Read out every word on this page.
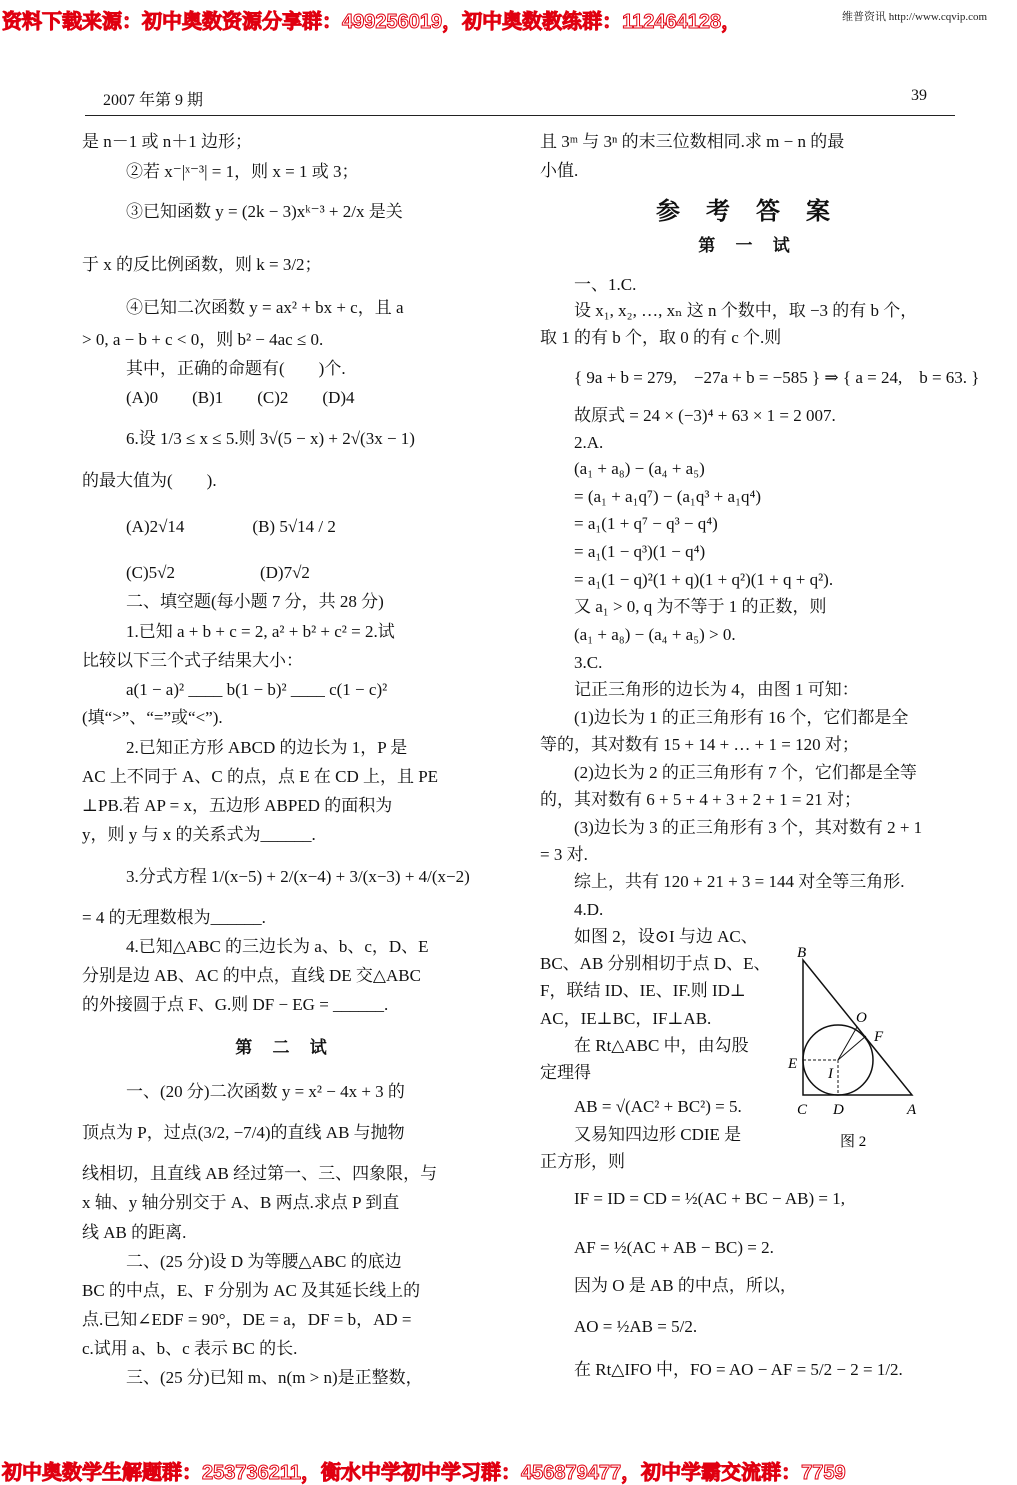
资料下载来源：初中奥数资源分享群：499256019，初中奥数教练群：112464128，	维普资讯 http://www.cqvip.com
2007 年第 9 期	39
是 n－1 或 n＋1 边形；
②若 x⁻|ˣ⁻³| = 1，则 x = 1 或 3；
③已知函数 y = (2k − 3)xᵏ⁻³ + 2/x 是关
于 x 的反比例函数，则 k = 3/2；
④已知二次函数 y = ax² + bx + c，且 a
> 0, a − b + c < 0，则 b² − 4ac ≤ 0.
其中，正确的命题有(　　)个.
(A)0　　(B)1　　(C)2　　(D)4
6.设 1/3 ≤ x ≤ 5.则 3√(5 − x) + 2√(3x − 1)
的最大值为(　　).
(A)2√14　　　　(B) 5√14 / 2
(C)5√2　　　　　(D)7√2
二、填空题(每小题 7 分，共 28 分)
1.已知 a + b + c = 2, a² + b² + c² = 2.试
比较以下三个式子结果大小：
a(1 − a)² ____ b(1 − b)² ____ c(1 − c)²
(填“>”、“=”或“<”).
2.已知正方形 ABCD 的边长为 1，P 是
AC 上不同于 A、C 的点，点 E 在 CD 上，且 PE
⊥PB.若 AP = x，五边形 ABPED 的面积为
y，则 y 与 x 的关系式为______.
3.分式方程 1/(x−5) + 2/(x−4) + 3/(x−3) + 4/(x−2)
= 4 的无理数根为______.
4.已知△ABC 的三边长为 a、b、c，D、E
分别是边 AB、AC 的中点，直线 DE 交△ABC
的外接圆于点 F、G.则 DF − EG = ______.
第 二 试
一、(20 分)二次函数 y = x² − 4x + 3 的
顶点为 P，过点(3/2, −7/4)的直线 AB 与抛物
线相切，且直线 AB 经过第一、三、四象限，与
x 轴、y 轴分别交于 A、B 两点.求点 P 到直
线 AB 的距离.
二、(25 分)设 D 为等腰△ABC 的底边
BC 的中点，E、F 分别为 AC 及其延长线上的
点.已知∠EDF = 90°，DE = a，DF = b，AD =
c.试用 a、b、c 表示 BC 的长.
三、(25 分)已知 m、n(m > n)是正整数，
且 3ᵐ 与 3ⁿ 的末三位数相同.求 m − n 的最
小值.
参 考 答 案
第 一 试
一、1.C.
设 x₁, x₂, …, xₙ 这 n 个数中，取 −3 的有 b 个，
取 1 的有 b 个，取 0 的有 c 个.则
{ 9a + b = 279,　−27a + b = −585 } ⇒ { a = 24,　b = 63. }
故原式 = 24 × (−3)⁴ + 63 × 1 = 2 007.
2.A.
(a₁ + a₈) − (a₄ + a₅)
= (a₁ + a₁q⁷) − (a₁q³ + a₁q⁴)
= a₁(1 + q⁷ − q³ − q⁴)
= a₁(1 − q³)(1 − q⁴)
= a₁(1 − q)²(1 + q)(1 + q²)(1 + q + q²).
又 a₁ > 0, q 为不等于 1 的正数，则
(a₁ + a₈) − (a₄ + a₅) > 0.
3.C.
记正三角形的边长为 4，由图 1 可知：
(1)边长为 1 的正三角形有 16 个，它们都是全
等的，其对数有 15 + 14 + … + 1 = 120 对；
(2)边长为 2 的正三角形有 7 个，它们都是全等
的，其对数有 6 + 5 + 4 + 3 + 2 + 1 = 21 对；
(3)边长为 3 的正三角形有 3 个，其对数有 2 + 1
= 3 对.
综上，共有 120 + 21 + 3 = 144 对全等三角形.
4.D.
如图 2，设⊙I 与边 AC、
BC、AB 分别相切于点 D、E、
F，联结 ID、IE、IF.则 ID⊥
AC，IE⊥BC，IF⊥AB.
在 Rt△ABC 中，由勾股
定理得
AB = √(AC² + BC²) = 5.
又易知四边形 CDIE 是
正方形，则
IF = ID = CD = ½(AC + BC − AB) = 1,
AF = ½(AC + AB − BC) = 2.
因为 O 是 AB 的中点，所以，
AO = ½AB = 5/2.
在 Rt△IFO 中，FO = AO − AF = 5/2 − 2 = 1/2.
B
O
F
E
I
C D	A
图 2
初中奥数学生解题群：253736211，衡水中学初中学习群：456879477，初中学霸交流群：7759
